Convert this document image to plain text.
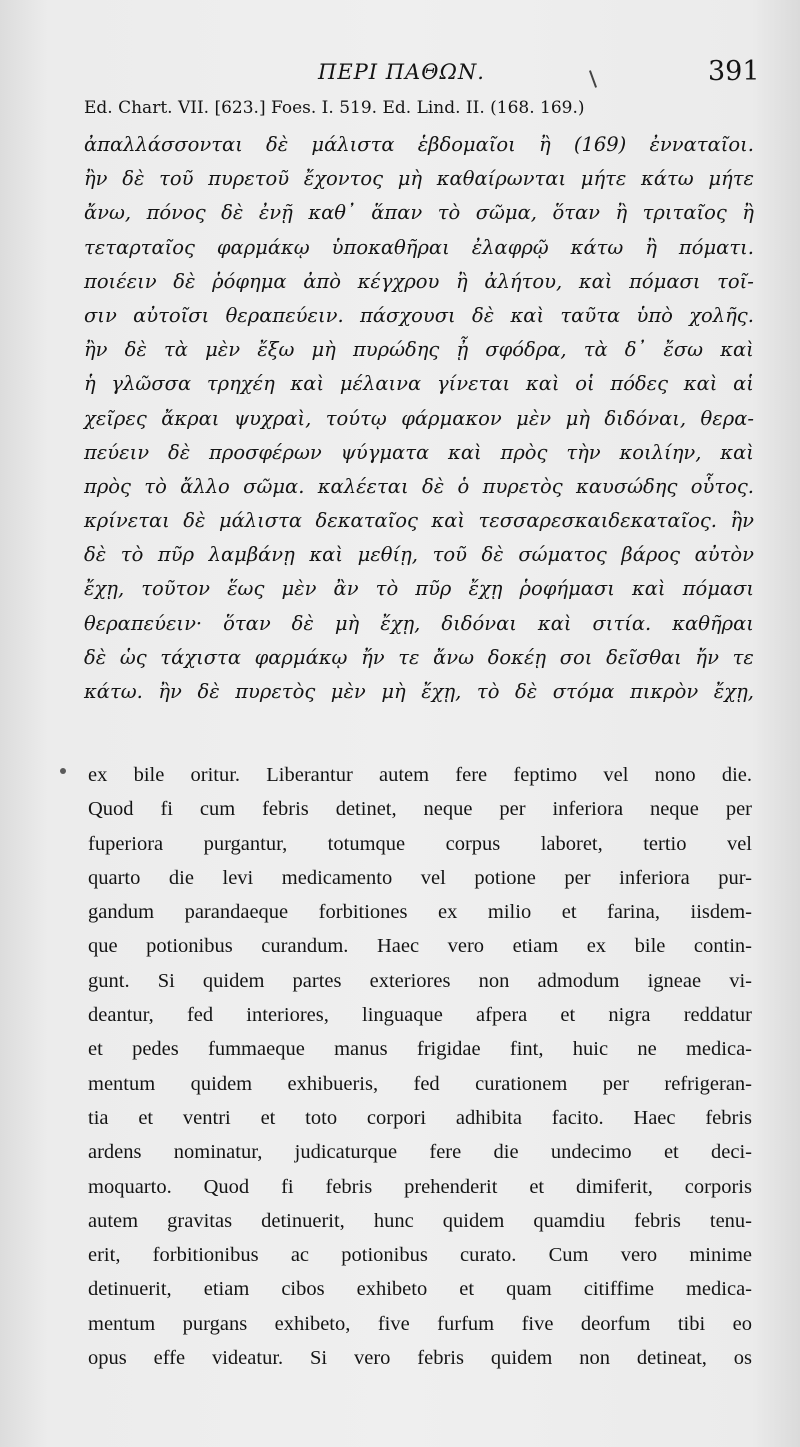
ΠΕΡΙ ΠΑΘΩΝ.	391
Ed. Chart. VII. [623.] Foes. I. 519. Ed. Lind. II. (168. 169.)
ἀπαλλάσσονται δὲ μάλιστα ἑβδομαῖοι ἢ (169) ἐνναταῖοι.
ἢν δὲ τοῦ πυρετοῦ ἔχοντος μὴ καθαίρωνται μήτε κάτω μήτε
ἄνω, πόνος δὲ ἐνῇ καθ᾽ ἅπαν τὸ σῶμα, ὅταν ἢ τριταῖος ἢ
τεταρταῖος φαρμάκῳ ὑποκαθῆραι ἐλαφρῷ κάτω ἢ πόματι.
ποιέειν δὲ ῥόφημα ἀπὸ κέγχρου ἢ ἀλήτου, καὶ πόμασι τοῖ-
σιν αὐτοῖσι θεραπεύειν. πάσχουσι δὲ καὶ ταῦτα ὑπὸ χολῆς.
ἢν δὲ τὰ μὲν ἔξω μὴ πυρώδης ᾖ σφόδρα, τὰ δ᾽ ἔσω καὶ
ἡ γλῶσσα τρηχέη καὶ μέλαινα γίνεται καὶ οἱ πόδες καὶ αἱ
χεῖρες ἄκραι ψυχραὶ, τούτῳ φάρμακον μὲν μὴ διδόναι, θερα-
πεύειν δὲ προσφέρων ψύγματα καὶ πρὸς τὴν κοιλίην, καὶ
πρὸς τὸ ἄλλο σῶμα. καλέεται δὲ ὁ πυρετὸς καυσώδης οὗτος.
κρίνεται δὲ μάλιστα δεκαταῖος καὶ τεσσαρεσκαιδεκαταῖος. ἢν
δὲ τὸ πῦρ λαμβάνῃ καὶ μεθίῃ, τοῦ δὲ σώματος βάρος αὐτὸν
ἔχῃ, τοῦτον ἕως μὲν ἂν τὸ πῦρ ἔχῃ ῥοφήμασι καὶ πόμασι
θεραπεύειν· ὅταν δὲ μὴ ἔχῃ, διδόναι καὶ σιτία. καθῆραι
δὲ ὡς τάχιστα φαρμάκῳ ἤν τε ἄνω δοκέῃ σοι δεῖσθαι ἤν τε
κάτω. ἢν δὲ πυρετὸς μὲν μὴ ἔχῃ, τὸ δὲ στόμα πικρὸν ἔχῃ,
ex bile oritur. Liberantur autem fere feptimo vel nono die.
Quod fi cum febris detinet, neque per inferiora neque per
fuperiora purgantur, totumque corpus laboret, tertio vel
quarto die levi medicamento vel potione per inferiora pur-
gandum parandaeque forbitiones ex milio et farina, iisdem-
que potionibus curandum. Haec vero etiam ex bile contin-
gunt. Si quidem partes exteriores non admodum igneae vi-
deantur, fed interiores, linguaque afpera et nigra reddatur
et pedes fummaeque manus frigidae fint, huic ne medica-
mentum quidem exhibueris, fed curationem per refrigeran-
tia et ventri et toto corpori adhibita facito. Haec febris
ardens nominatur, judicaturque fere die undecimo et deci-
moquarto. Quod fi febris prehenderit et dimiferit, corporis
autem gravitas detinuerit, hunc quidem quamdiu febris tenu-
erit, forbitionibus ac potionibus curato. Cum vero minime
detinuerit, etiam cibos exhibeto et quam citiffime medica-
mentum purgans exhibeto, five furfum five deorfum tibi eo
opus effe videatur. Si vero febris quidem non detineat, os
